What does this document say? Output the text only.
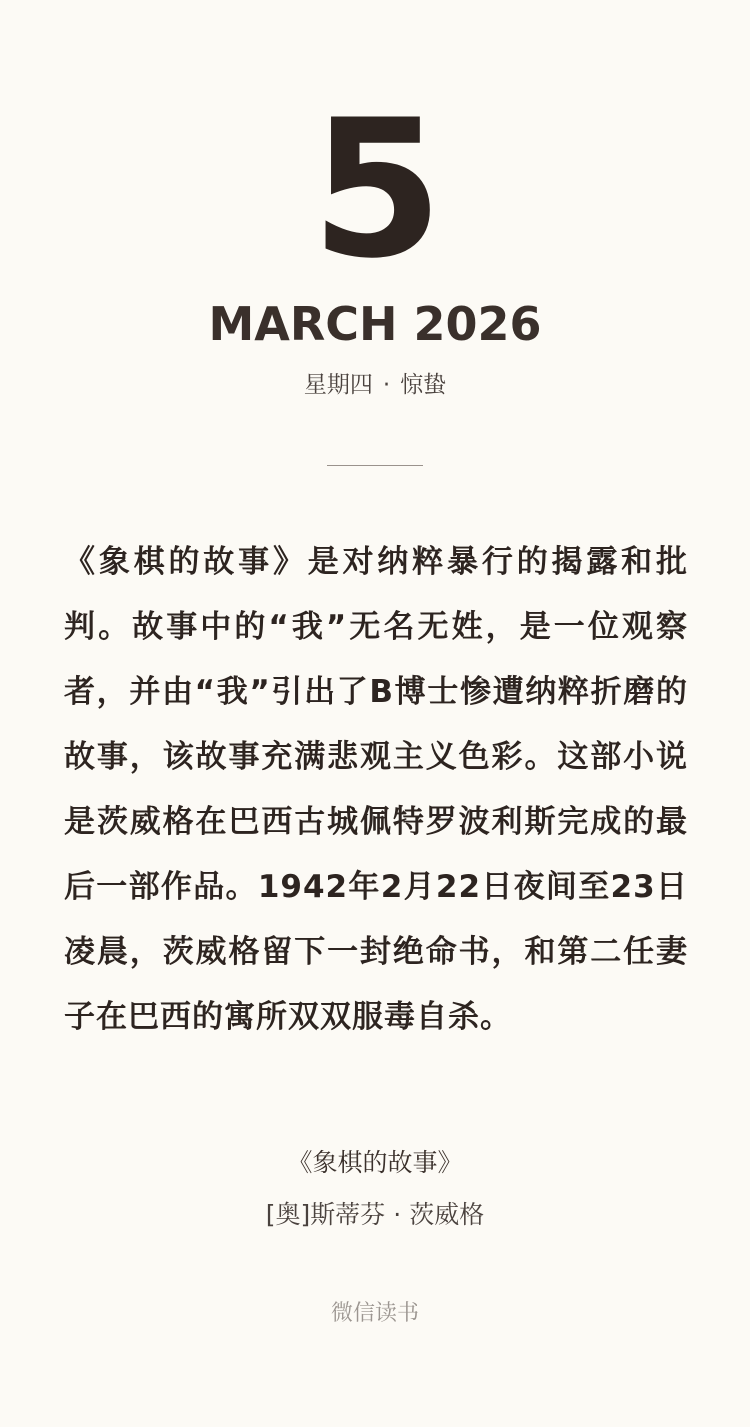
5
MARCH 2026
星期四 · 惊蛰

《象棋的故事》是对纳粹暴行的揭露和批判。故事中的“我”无名无姓，是一位观察者，并由“我”引出了B博士惨遭纳粹折磨的故事，该故事充满悲观主义色彩。这部小说是茨威格在巴西古城佩特罗波利斯完成的最后一部作品。1942年2月22日夜间至23日凌晨，茨威格留下一封绝命书，和第二任妻子在巴西的寓所双双服毒自杀。

《象棋的故事》
[奥]斯蒂芬 · 茨威格
微信读书
